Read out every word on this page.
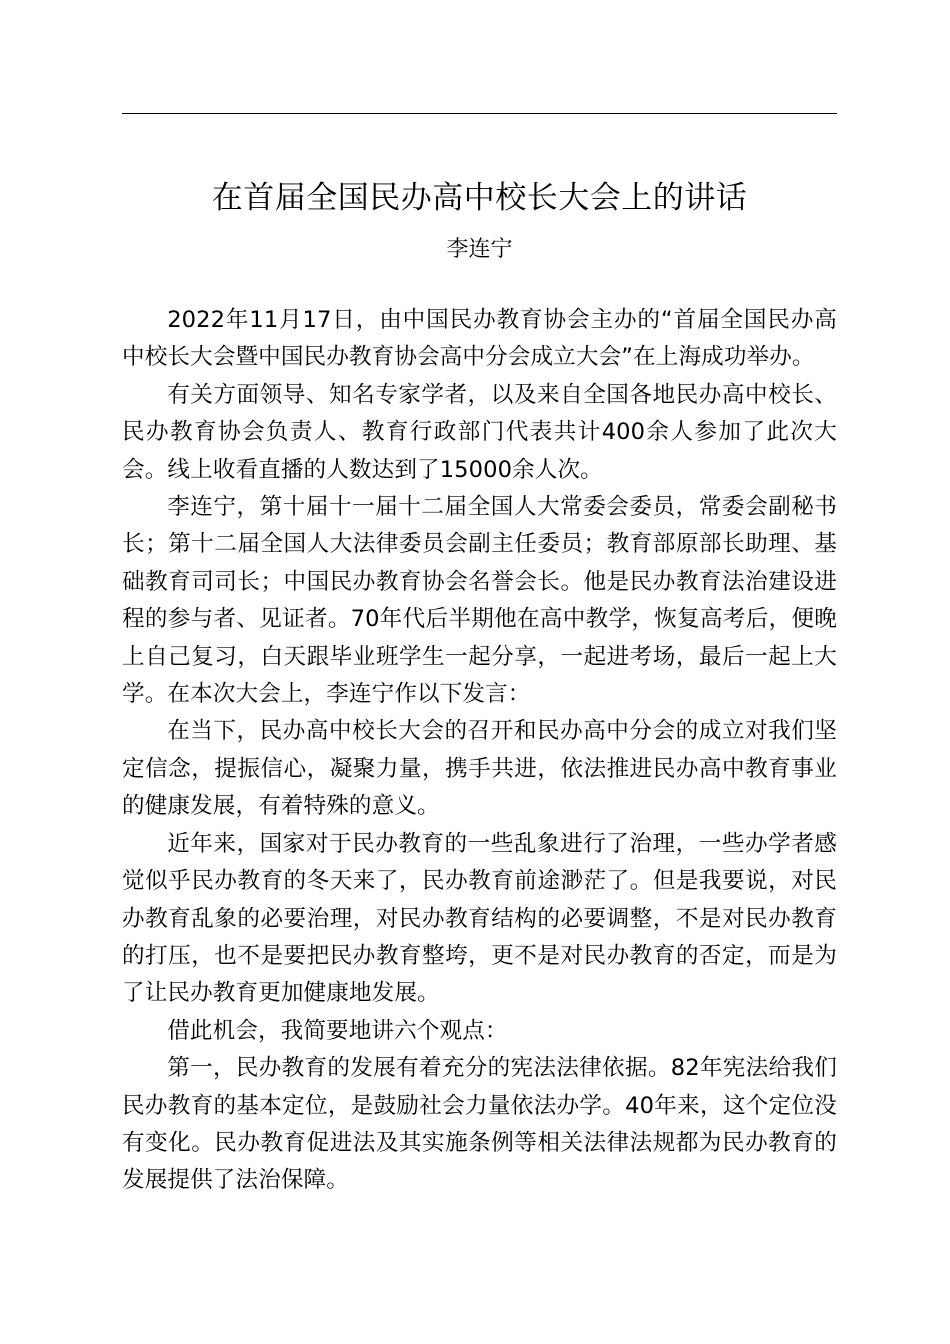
在首届全国民办高中校长大会上的讲话
李连宁

2022年11月17日，由中国民办教育协会主办的“首届全国民办高中校长大会暨中国民办教育协会高中分会成立大会”在上海成功举办。

有关方面领导、知名专家学者，以及来自全国各地民办高中校长、民办教育协会负责人、教育行政部门代表共计400余人参加了此次大会。线上收看直播的人数达到了15000余人次。

李连宁，第十届十一届十二届全国人大常委会委员，常委会副秘书长；第十二届全国人大法律委员会副主任委员；教育部原部长助理、基础教育司司长；中国民办教育协会名誉会长。他是民办教育法治建设进程的参与者、见证者。70年代后半期他在高中教学，恢复高考后，便晚上自己复习，白天跟毕业班学生一起分享，一起进考场，最后一起上大学。在本次大会上，李连宁作以下发言：

在当下，民办高中校长大会的召开和民办高中分会的成立对我们坚定信念，提振信心，凝聚力量，携手共进，依法推进民办高中教育事业的健康发展，有着特殊的意义。

近年来，国家对于民办教育的一些乱象进行了治理，一些办学者感觉似乎民办教育的冬天来了，民办教育前途渺茫了。但是我要说，对民办教育乱象的必要治理，对民办教育结构的必要调整，不是对民办教育的打压，也不是要把民办教育整垮，更不是对民办教育的否定，而是为了让民办教育更加健康地发展。

借此机会，我简要地讲六个观点：

第一，民办教育的发展有着充分的宪法法律依据。82年宪法给我们民办教育的基本定位，是鼓励社会力量依法办学。40年来，这个定位没有变化。民办教育促进法及其实施条例等相关法律法规都为民办教育的发展提供了法治保障。
